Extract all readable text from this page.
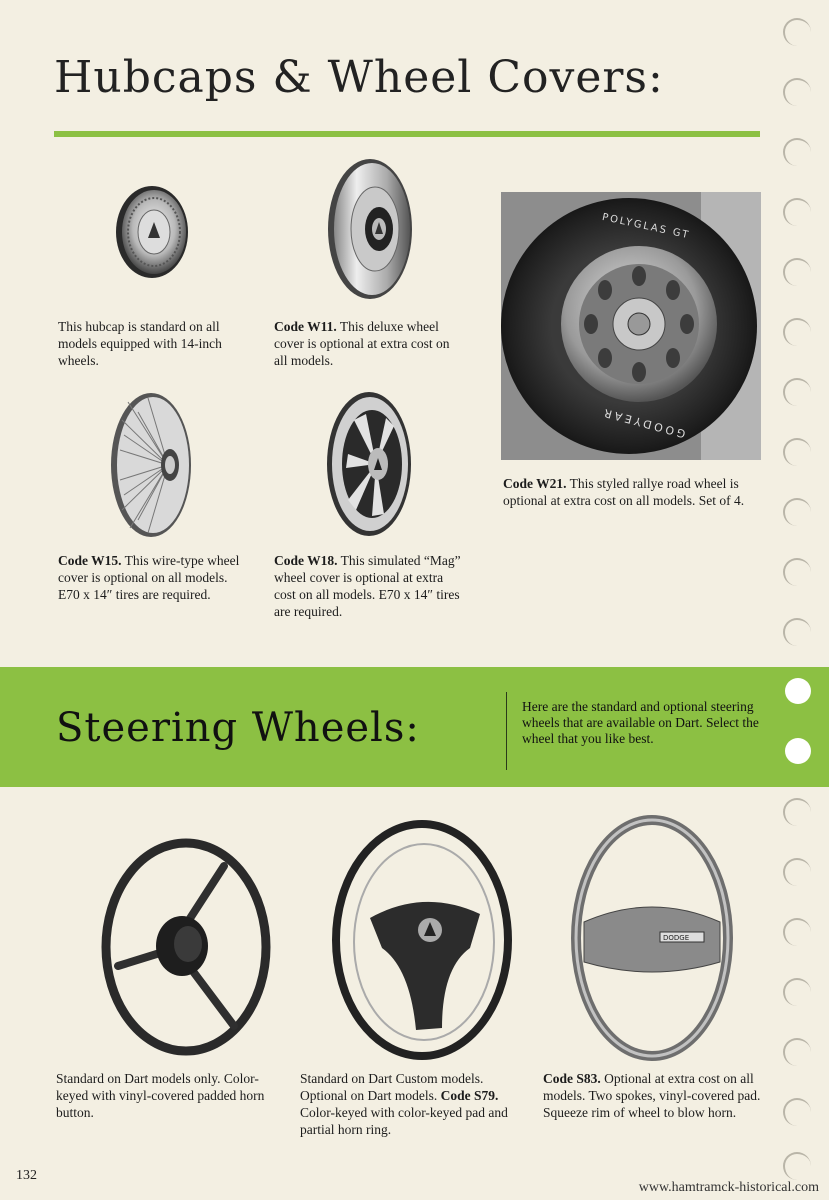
Hubcaps & Wheel Covers:
POLYGLAS GT
GOODYEAR
This hubcap is standard on all models equipped with 14-inch wheels.
Code W11. This deluxe wheel cover is optional at extra cost on all models.
Code W15. This wire-type wheel cover is optional on all models. E70 x 14″ tires are required.
Code W18. This simulated “Mag” wheel cover is optional at extra cost on all models. E70 x 14″ tires are required.
Code W21. This styled rallye road wheel is optional at extra cost on all models. Set of 4.
Steering Wheels:	Here are the standard and optional steering wheels that are available on Dart. Select the wheel that you like best.
DODGE
Standard on Dart models only. Color-keyed with vinyl-covered padded horn button.
Standard on Dart Custom models. Optional on Dart models. Code S79. Color-keyed with color-keyed pad and partial horn ring.
Code S83. Optional at extra cost on all models. Two spokes, vinyl-covered pad. Squeeze rim of wheel to blow horn.
132
www.hamtramck-historical.com
